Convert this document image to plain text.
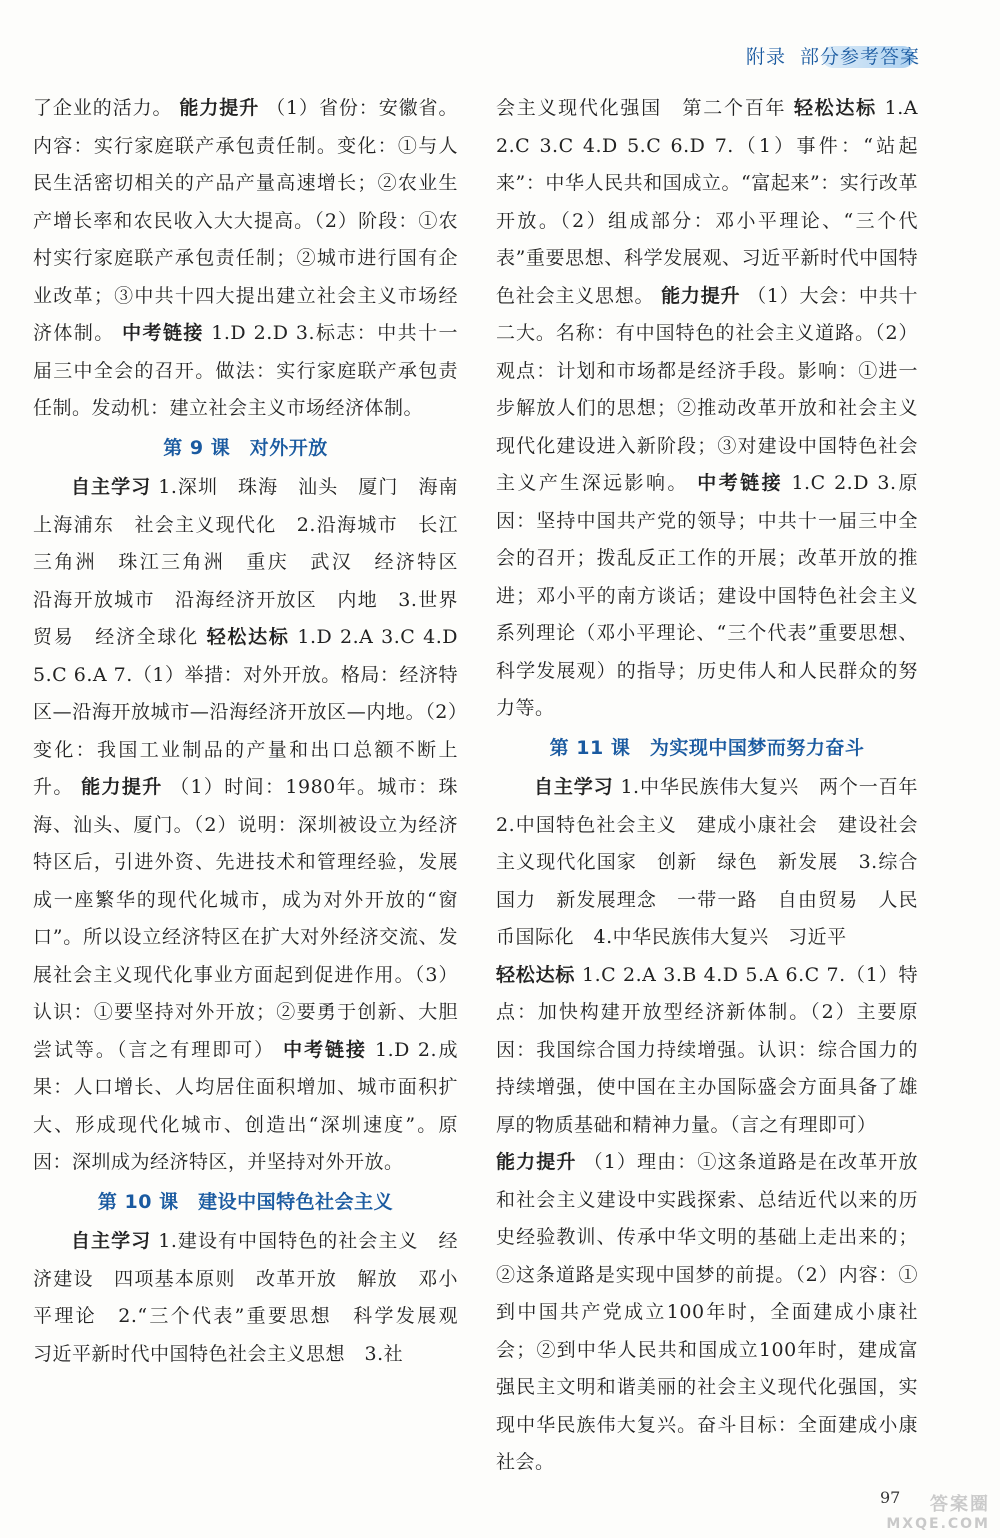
附录 部分参考答案

了企业的活力。 能力提升 （1）省份：安徽省。内容：实行家庭联产承包责任制。变化：①与人民生活密切相关的产品产量高速增长；②农业生产增长率和农民收入大大提高。（2）阶段：①农村实行家庭联产承包责任制；②城市进行国有企业改革；③中共十四大提出建立社会主义市场经济体制。 中考链接 1.D 2.D 3.标志：中共十一届三中全会的召开。做法：实行家庭联产承包责任制。发动机：建立社会主义市场经济体制。

第 9 课　对外开放

自主学习 1.深圳　珠海　汕头　厦门　海南　上海浦东　社会主义现代化　2.沿海城市　长江三角洲　珠江三角洲　重庆　武汉　经济特区　沿海开放城市　沿海经济开放区　内地　3.世界贸易　经济全球化 轻松达标 1.D 2.A 3.C 4.D 5.C 6.A 7.（1）举措：对外开放。格局：经济特区—沿海开放城市—沿海经济开放区—内地。（2）变化：我国工业制品的产量和出口总额不断上升。 能力提升 （1）时间：1980年。城市：珠海、汕头、厦门。（2）说明：深圳被设立为经济特区后，引进外资、先进技术和管理经验，发展成一座繁华的现代化城市，成为对外开放的“窗口”。所以设立经济特区在扩大对外经济交流、发展社会主义现代化事业方面起到促进作用。（3）认识：①要坚持对外开放；②要勇于创新、大胆尝试等。（言之有理即可） 中考链接 1.D 2.成果：人口增长、人均居住面积增加、城市面积扩大、形成现代化城市、创造出“深圳速度”。原因：深圳成为经济特区，并坚持对外开放。

第 10 课　建设中国特色社会主义

自主学习 1.建设有中国特色的社会主义　经济建设　四项基本原则　改革开放　解放　邓小平理论　2.“三个代表”重要思想　科学发展观　习近平新时代中国特色社会主义思想　3.社

会主义现代化强国　第二个百年 轻松达标 1.A 2.C 3.C 4.D 5.C 6.D 7.（1）事件：“站起来”：中华人民共和国成立。“富起来”：实行改革开放。（2）组成部分：邓小平理论、“三个代表”重要思想、科学发展观、习近平新时代中国特色社会主义思想。 能力提升 （1）大会：中共十二大。名称：有中国特色的社会主义道路。（2）观点：计划和市场都是经济手段。影响：①进一步解放人们的思想；②推动改革开放和社会主义现代化建设进入新阶段；③对建设中国特色社会主义产生深远影响。 中考链接 1.C 2.D 3.原因：坚持中国共产党的领导；中共十一届三中全会的召开；拨乱反正工作的开展；改革开放的推进；邓小平的南方谈话；建设中国特色社会主义系列理论（邓小平理论、“三个代表”重要思想、科学发展观）的指导；历史伟人和人民群众的努力等。

第 11 课　为实现中国梦而努力奋斗

自主学习 1.中华民族伟大复兴　两个一百年　2.中国特色社会主义　建成小康社会　建设社会主义现代化国家　创新　绿色　新发展　3.综合国力　新发展理念　一带一路　自由贸易　人民币国际化　4.中华民族伟大复兴　习近平

轻松达标 1.C 2.A 3.B 4.D 5.A 6.C 7.（1）特点：加快构建开放型经济新体制。（2）主要原因：我国综合国力持续增强。认识：综合国力的持续增强，使中国在主办国际盛会方面具备了雄厚的物质基础和精神力量。（言之有理即可）

能力提升 （1）理由：①这条道路是在改革开放和社会主义建设中实践探索、总结近代以来的历史经验教训、传承中华文明的基础上走出来的；②这条道路是实现中国梦的前提。（2）内容：①到中国共产党成立100年时，全面建成小康社会；②到中华人民共和国成立100年时，建成富强民主文明和谐美丽的社会主义现代化强国，实现中华民族伟大复兴。奋斗目标：全面建成小康社会。

97	答案圈
MXQE.COM
